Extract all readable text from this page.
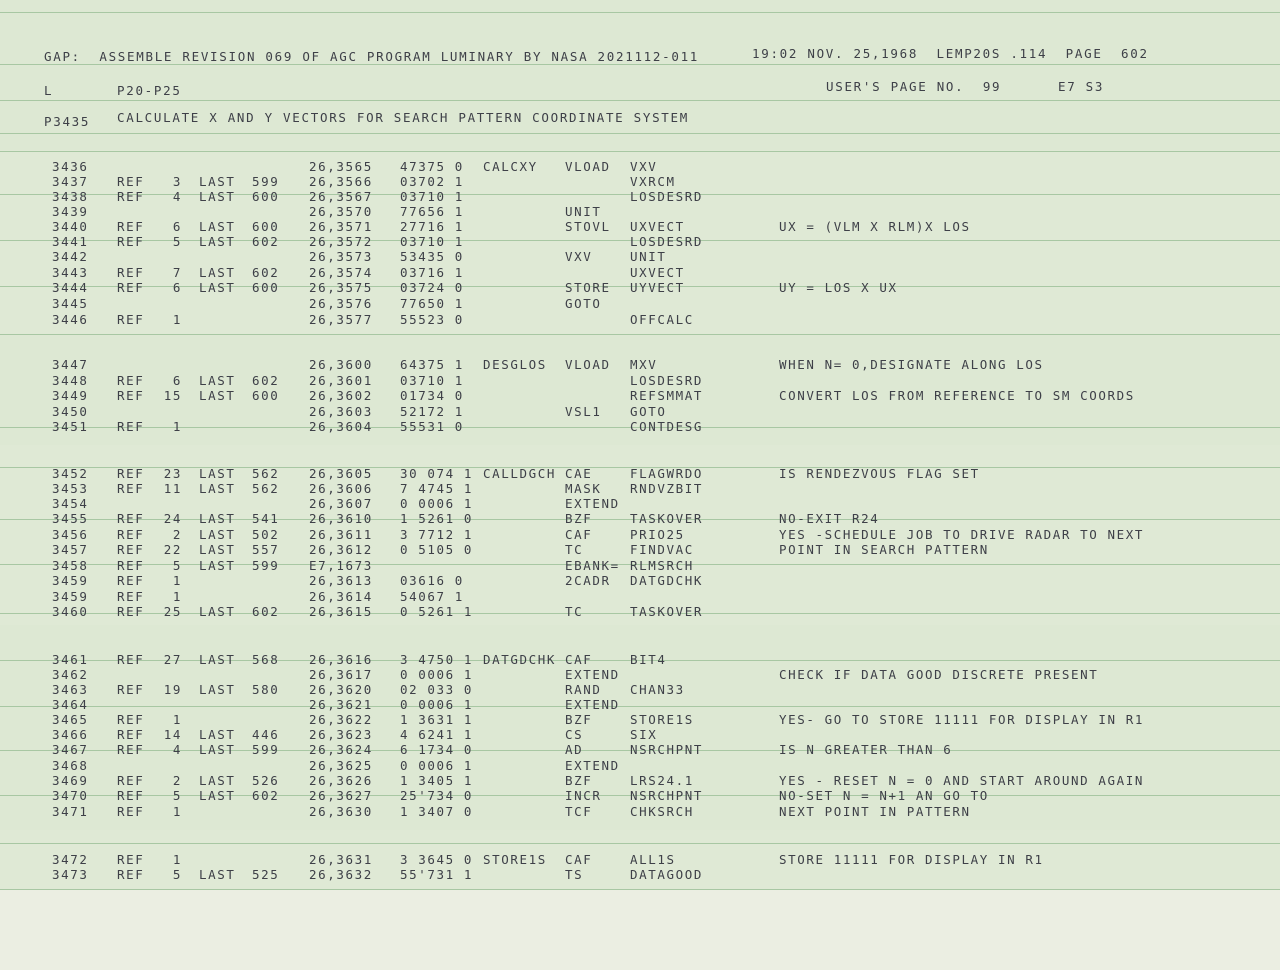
GAP:  ASSEMBLE REVISION 069 OF AGC PROGRAM LUMINARY BY NASA 2021112-011	19:02 NOV. 25,1968  LEMP20S .114  PAGE  602
L	P20-P25	USER'S PAGE NO.  99	E7 S3
P3435 CALCULATE X AND Y VECTORS FOR SEARCH PATTERN COORDINATE SYSTEM
3436	26,3565 47375 0 CALCXY VLOAD VXV
3437 REF 3 LAST 599 26,3566 03702 1	VXRCM
3438 REF 4 LAST 600 26,3567 03710 1	LOSDESRD
3439	26,3570 77656 1	UNIT
3440 REF 6 LAST 600 26,3571 27716 1	STOVL UXVECT	UX = (VLM X RLM)X LOS
3441 REF 5 LAST 602 26,3572 03710 1	LOSDESRD
3442	26,3573 53435 0	VXV	UNIT
3443 REF 7 LAST 602 26,3574 03716 1	UXVECT
3444 REF 6 LAST 600 26,3575 03724 0	STORE UYVECT	UY = LOS X UX
3445	26,3576 77650 1	GOTO
3446 REF 1	26,3577 55523 0	OFFCALC
3447	26,3600 64375 1 DESGLOS VLOAD MXV	WHEN N= 0,DESIGNATE ALONG LOS
3448 REF 6 LAST 602 26,3601 03710 1	LOSDESRD
3449 REF 15 LAST 600 26,3602 01734 0	REFSMMAT	CONVERT LOS FROM REFERENCE TO SM COORDS
3450	26,3603 52172 1	VSL1 GOTO
3451 REF 1	26,3604 55531 0	CONTDESG
3452 REF 23 LAST 562 26,3605 30 074 1 CALLDGCH CAE	FLAGWRDO	IS RENDEZVOUS FLAG SET
3453 REF 11 LAST 562 26,3606 7 4745 1	MASK RNDVZBIT
3454	26,3607 0 0006 1	EXTEND
3455 REF 24 LAST 541 26,3610 1 5261 0	BZF	TASKOVER	NO-EXIT R24
3456 REF 2 LAST 502 26,3611 3 7712 1	CAF	PRIO25	YES -SCHEDULE JOB TO DRIVE RADAR TO NEXT
3457 REF 22 LAST 557 26,3612 0 5105 0	TC	FINDVAC	POINT IN SEARCH PATTERN
3458 REF 5 LAST 599 E7,1673	EBANK= RLMSRCH
3459 REF 1	26,3613 03616 0	2CADR DATGDCHK
3459 REF 1	26,3614 54067 1
3460 REF 25 LAST 602 26,3615 0 5261 1	TC	TASKOVER
3461 REF 27 LAST 568 26,3616 3 4750 1 DATGDCHK CAF	BIT4
3462	26,3617 0 0006 1	EXTEND	CHECK IF DATA GOOD DISCRETE PRESENT
3463 REF 19 LAST 580 26,3620 02 033 0	RAND CHAN33
3464	26,3621 0 0006 1	EXTEND
3465 REF 1	26,3622 1 3631 1	BZF	STORE1S	YES- GO TO STORE 11111 FOR DISPLAY IN R1
3466 REF 14 LAST 446 26,3623 4 6241 1	CS	SIX
3467 REF 4 LAST 599 26,3624 6 1734 0	AD	NSRCHPNT	IS N GREATER THAN 6
3468	26,3625 0 0006 1	EXTEND
3469 REF 2 LAST 526 26,3626 1 3405 1	BZF	LRS24.1	YES - RESET N = 0 AND START AROUND AGAIN
3470 REF 5 LAST 602 26,3627 25'734 0	INCR NSRCHPNT	NO-SET N = N+1 AN GO TO
3471 REF 1	26,3630 1 3407 0	TCF	CHKSRCH	NEXT POINT IN PATTERN
3472 REF 1	26,3631 3 3645 0 STORE1S CAF	ALL1S	STORE 11111 FOR DISPLAY IN R1
3473 REF 5 LAST 525 26,3632 55'731 1	TS	DATAGOOD
